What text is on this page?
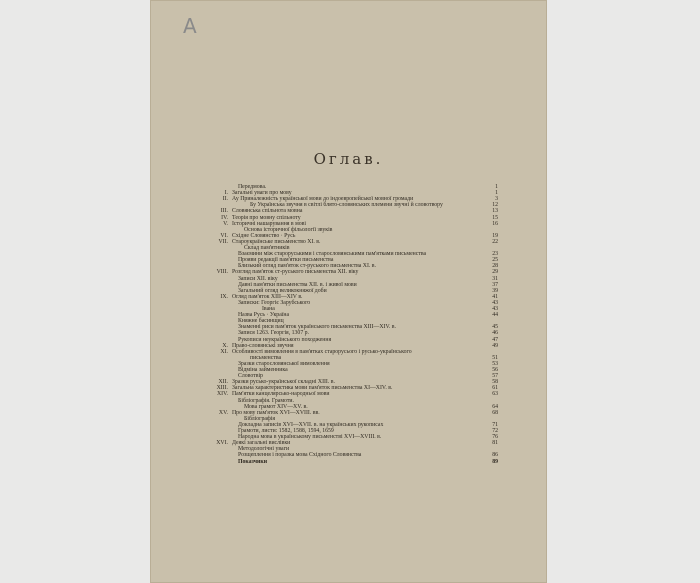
Оглав.
Передмова.	1
I. Загальні уваги про мову	1
II. Ау Приналежність української мови до індоевропейської мовної громади	3
Бу Українська звучня в світлі блято-словянських племени звучні й словотвору	12
III. Словянська спільнота мовна	13
IV. Теорія про мовну спільноту	15
V. Історичні нашарування в мові	16
Основа історичної фільології звуків
VI. Східне Словянство · Русь	19
VII. Староукраїнське письменство XI. в.	22
Склад пам'ятників
Взаємини між староруськими і старословянськими пам'ятками письменства	23
Прояви редакції пам'ятки письменства	25
Близький огляд пам'яток ст-руського письменства XI. в.	28
VIII. Розгляд пам'яток ст-руського письменства XII. віку	29
Записи XII. віку	31
Давні пам'ятки письменства XII. в. і живої мови	37
Загальний огляд великокняжої доби	39
IX. Огляд пам'яток XIII—XIV в.	41
Записки: Георгіє Зарубського	43
Івана	43
Назва Русь · Україна	44
Княжне басинщиц
Знаменні риси пам'яток українського письменства XIII—XIV. в.	45
Запися 1263. Георгія, 1307 р.	46
Рукописи неукраїнського походження	47
X. Право-словянські звучня	49
XI. Особливості вимовлення в пам'ятках старорусього і русько-українського
письменства	51
Зразки старословянської вимовлення	53
Відміна займенника	56
Словотвір	57
XII. Зразки русько-української складні XIII. в.	58
XIII. Загальна характеристика мови пам'яток письменства XI—XIV. в.	61
XIV. Пам'ятки канцелярсько-народньої мови	63
Бібліографія. Грамоти.
Мова грамот XIV—XV. в.	64
XV. Про мову пам'яток XVI—XVIII. вв.	68
Бібліографія
Докладна записів XVI—XVII. в. на українських рукописах	71
Грамоти, листи: 1582, 1588, 1594, 1659	72
Народна мова в українському письменстві XVI—XVIII. в.	76
XVI. Деякі загальні вислівки	81
Методологічні уваги
Розщеплення і поразка мова Східного Словянства	86
Показчики	89
A
